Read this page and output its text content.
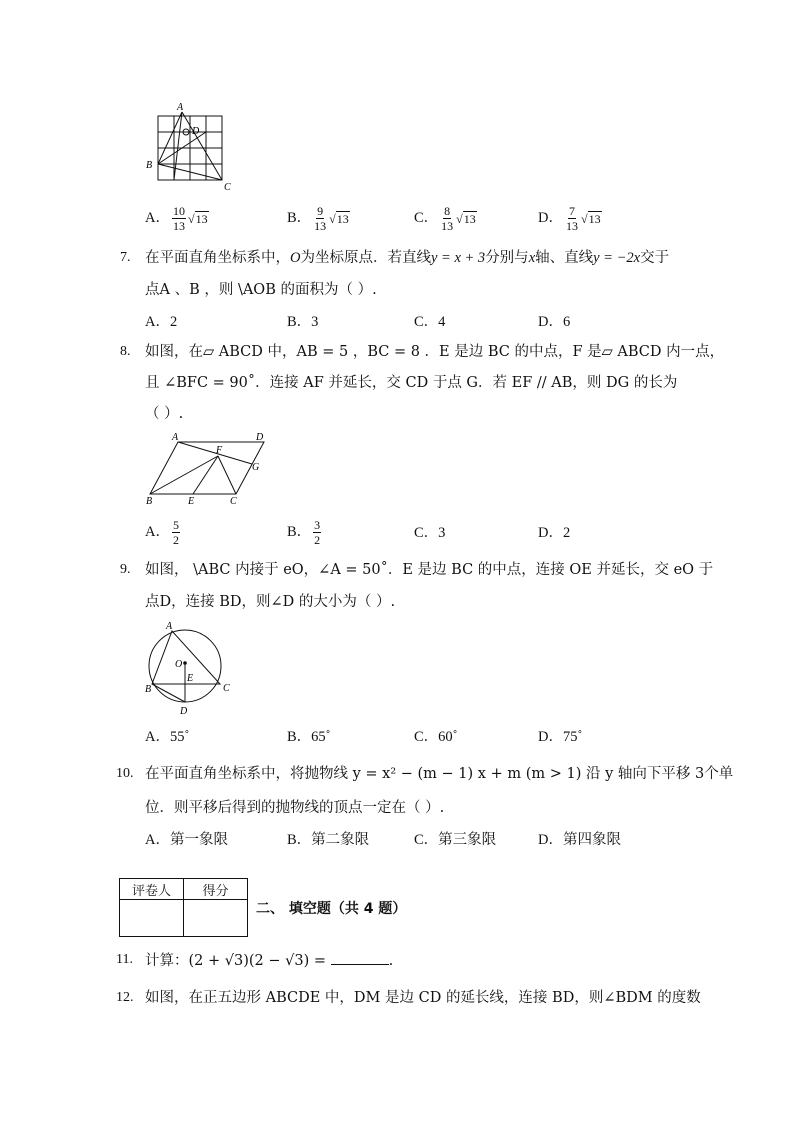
A
B
C
D
A． $\frac{10}{13} √13$	B． $\frac{9}{13} √13$	C． $\frac{8}{13} √13$	D． $\frac{7}{13} √13$
7. 在平面直角坐标系中，O为坐标原点．若直线y = x + 3分别与x轴、直线y = −2x交于
点A 、B ，则 \AOB 的面积为（ ）.
A．2	B．3	C．4	D．6
8. 如图，在▱ ABCD 中，AB = 5 ，BC = 8 ．E 是边 BC 的中点，F 是▱ ABCD 内一点，
且 ∠BFC = 90˚．连接 AF 并延长，交 CD 于点 G．若 EF // AB，则 DG 的长为
（ ）.
A	D
F
G
B	E	C
A． $\frac{5}{2}$	B． $\frac{3}{2}$	C．3	D．2
9. 如图， \ABC 内接于 eO，∠A = 50˚．E 是边 BC 的中点，连接 OE 并延长，交 eO 于
点D，连接 BD，则∠D 的大小为（ ）.
A
O
E
B	C
D
A．55˚	B．65˚	C．60˚	D．75˚
10. 在平面直角坐标系中，将抛物线 y = x² − (m − 1) x + m (m > 1) 沿 y 轴向下平移 3个单
位．则平移后得到的抛物线的顶点一定在（ ）.
A．第一象限	B．第二象限	C．第三象限	D．第四象限
评卷人	得分

二、 填空题（共 4 题）
11. 计算：(2 + √3)(2 − √3) =	.
12. 如图，在正五边形 ABCDE 中，DM 是边 CD 的延长线，连接 BD，则∠BDM 的度数
